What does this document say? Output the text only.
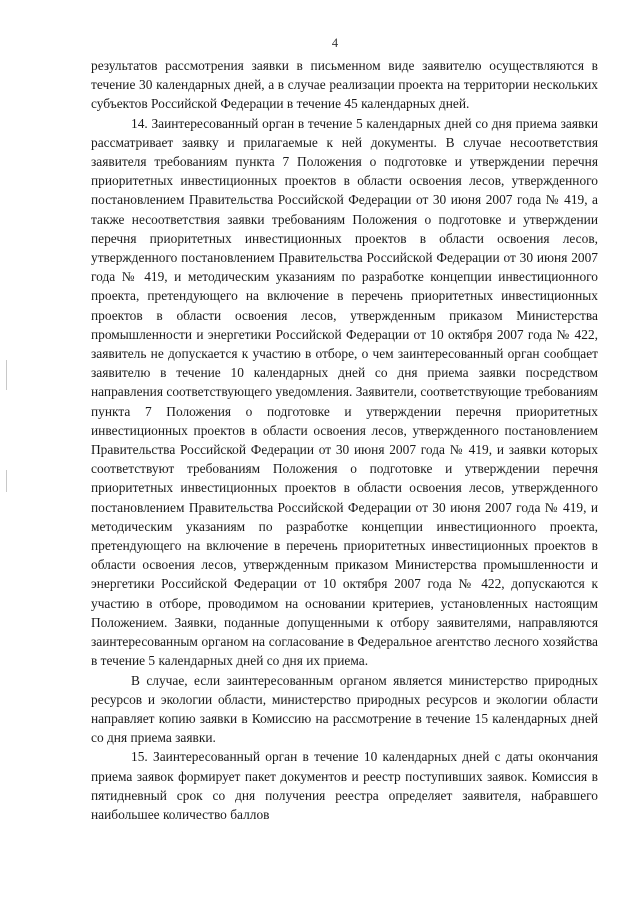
4

результатов рассмотрения заявки в письменном виде заявителю осуществляются в течение 30 календарных дней, а в случае реализации проекта на территории нескольких субъектов Российской Федерации в течение 45 календарных дней.

14. Заинтересованный орган в течение 5 календарных дней со дня приема заявки рассматривает заявку и прилагаемые к ней документы. В случае несоответствия заявителя требованиям пункта 7 Положения о подготовке и утверждении перечня приоритетных инвестиционных проектов в области освоения лесов, утвержденного постановлением Правительства Российской Федерации от 30 июня 2007 года № 419, а также несоответствия заявки требованиям Положения о подготовке и утверждении перечня приоритетных инвестиционных проектов в области освоения лесов, утвержденного постановлением Правительства Российской Федерации от 30 июня 2007 года № 419, и методическим указаниям по разработке концепции инвестиционного проекта, претендующего на включение в перечень приоритетных инвестиционных проектов в области освоения лесов, утвержденным приказом Министерства промышленности и энергетики Российской Федерации от 10 октября 2007 года № 422, заявитель не допускается к участию в отборе, о чем заинтересованный орган сообщает заявителю в течение 10 календарных дней со дня приема заявки посредством направления соответствующего уведомления. Заявители, соответствующие требованиям пункта 7 Положения о подготовке и утверждении перечня приоритетных инвестиционных проектов в области освоения лесов, утвержденного постановлением Правительства Российской Федерации от 30 июня 2007 года № 419, и заявки которых соответствуют требованиям Положения о подготовке и утверждении перечня приоритетных инвестиционных проектов в области освоения лесов, утвержденного постановлением Правительства Российской Федерации от 30 июня 2007 года № 419, и методическим указаниям по разработке концепции инвестиционного проекта, претендующего на включение в перечень приоритетных инвестиционных проектов в области освоения лесов, утвержденным приказом Министерства промышленности и энергетики Российской Федерации от 10 октября 2007 года № 422, допускаются к участию в отборе, проводимом на основании критериев, установленных настоящим Положением. Заявки, поданные допущенными к отбору заявителями, направляются заинтересованным органом на согласование в Федеральное агентство лесного хозяйства в течение 5 календарных дней со дня их приема.

В случае, если заинтересованным органом является министерство природных ресурсов и экологии области, министерство природных ресурсов и экологии области направляет копию заявки в Комиссию на рассмотрение в течение 15 календарных дней со дня приема заявки.

15. Заинтересованный орган в течение 10 календарных дней с даты окончания приема заявок формирует пакет документов и реестр поступивших заявок. Комиссия в пятидневный срок со дня получения реестра определяет заявителя, набравшего наибольшее количество баллов
